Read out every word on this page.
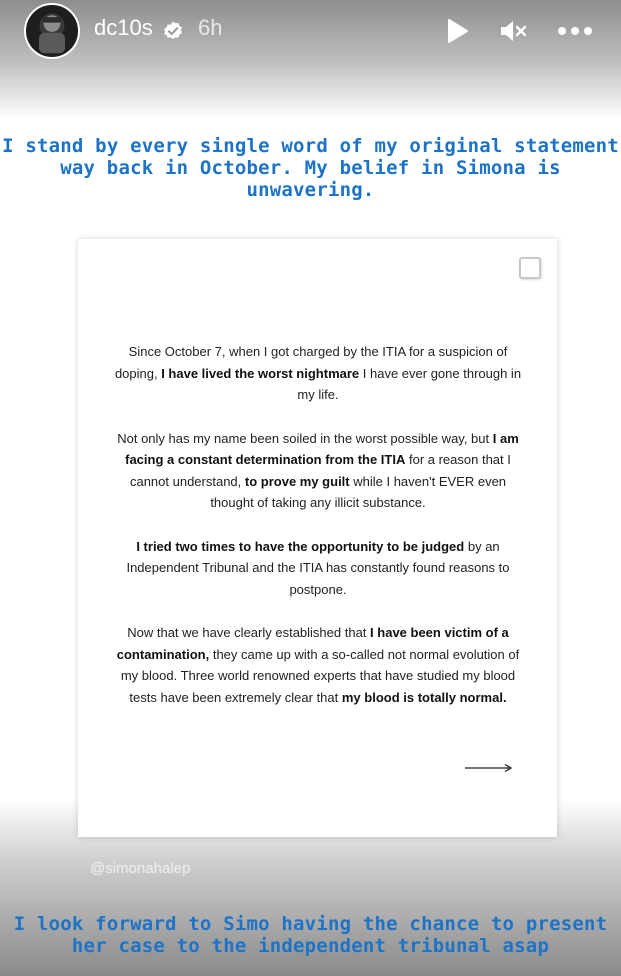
dc10s 6h
I stand by every single word of my original statement
way back in October. My belief in Simona is unwavering.

Since October 7, when I got charged by the ITIA for a suspicion of doping, I have lived the worst nightmare I have ever gone through in my life.

Not only has my name been soiled in the worst possible way, but I am facing a constant determination from the ITIA for a reason that I cannot understand, to prove my guilt while I haven't EVER even thought of taking any illicit substance.

I tried two times to have the opportunity to be judged by an Independent Tribunal and the ITIA has constantly found reasons to postpone.

Now that we have clearly established that I have been victim of a contamination, they came up with a so-called not normal evolution of my blood. Three world renowned experts that have studied my blood tests have been extremely clear that my blood is totally normal.

@simonahalep
I look forward to Simo having the chance to present
her case to the independent tribunal asap
